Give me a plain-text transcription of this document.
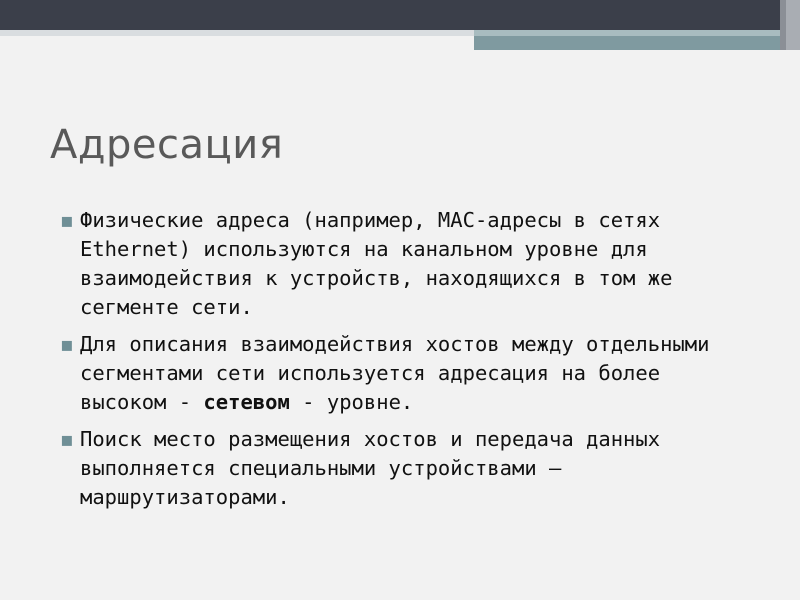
Адресация
▪ Физические адреса (например, МАС-адресы в сетях Ethernet) используются на канальном уровне для взаимодействия к устройств, находящихся в том же сегменте сети.
▪ Для описания взаимодействия хостов между отдельными сегментами сети используется адресация на более высоком - сетевом - уровне.
▪ Поиск место размещения хостов и передача данных выполняется специальными устройствами – маршрутизаторами.
